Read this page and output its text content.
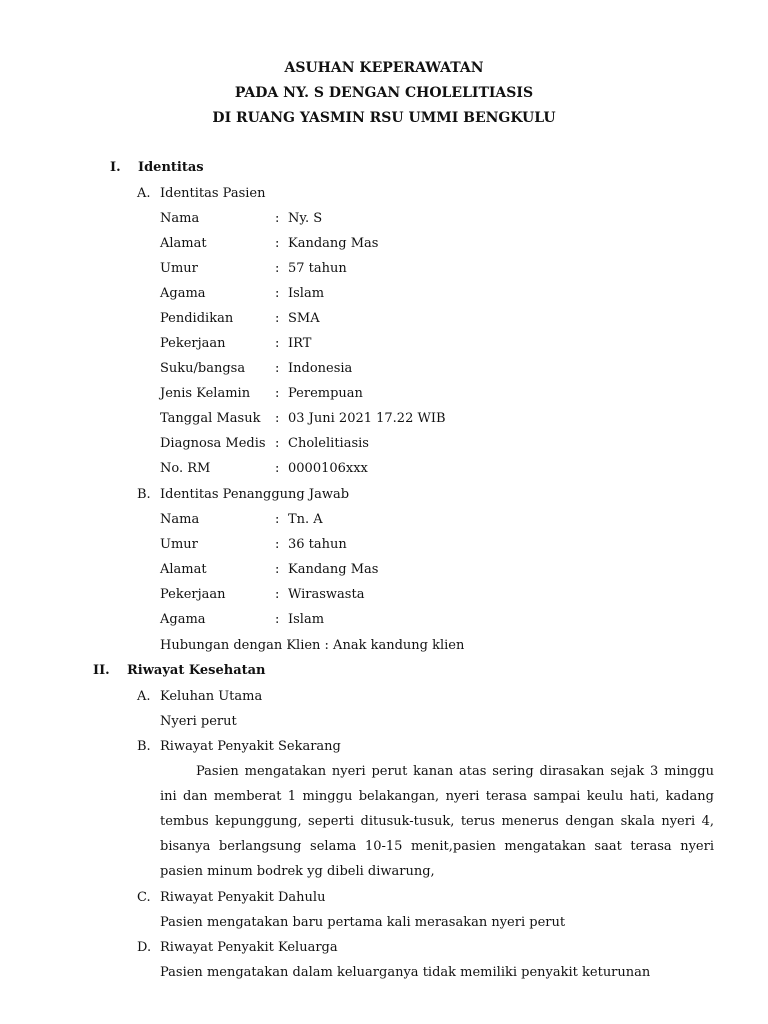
ASUHAN KEPERAWATAN
PADA NY. S DENGAN CHOLELITIASIS
DI RUANG YASMIN RSU UMMI BENGKULU
I. Identitas
A. Identitas Pasien
Nama	: Ny. S
Alamat	: Kandang Mas
Umur	: 57 tahun
Agama	: Islam
Pendidikan	: SMA
Pekerjaan	: IRT
Suku/bangsa : Indonesia
Jenis Kelamin : Perempuan
Tanggal Masuk : 03 Juni 2021 17.22 WIB
Diagnosa Medis : Cholelitiasis
No. RM	: 0000106xxx
B. Identitas Penanggung Jawab
Nama	: Tn. A
Umur	: 36 tahun
Alamat	: Kandang Mas
Pekerjaan	: Wiraswasta
Agama	: Islam
Hubungan dengan Klien : Anak kandung klien
II. Riwayat Kesehatan
A. Keluhan Utama
Nyeri perut
B. Riwayat Penyakit Sekarang
Pasien mengatakan nyeri perut kanan atas sering dirasakan sejak 3 minggu ini dan memberat 1 minggu belakangan, nyeri terasa sampai keulu hati, kadang tembus kepunggung, seperti ditusuk-tusuk, terus menerus dengan skala nyeri 4, bisanya berlangsung selama 10-15 menit,pasien mengatakan saat terasa nyeri pasien minum bodrek yg dibeli diwarung,
C. Riwayat Penyakit Dahulu
Pasien mengatakan baru pertama kali merasakan nyeri perut
D. Riwayat Penyakit Keluarga
Pasien mengatakan dalam keluarganya tidak memiliki penyakit keturunan
